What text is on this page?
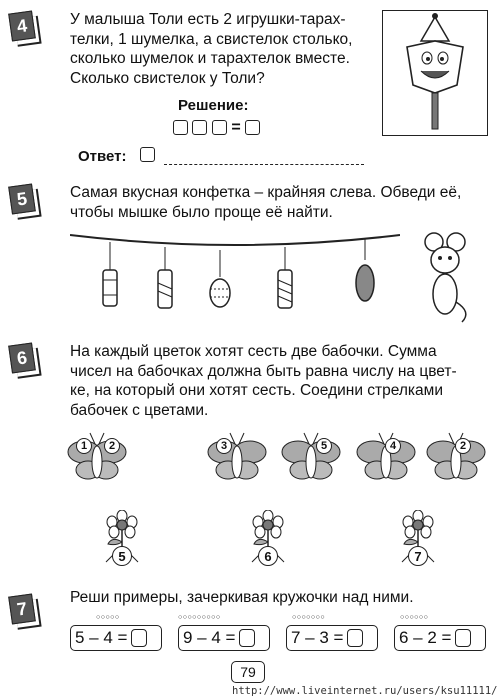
4	У малыша Толи есть 2 игрушки-тарах-
телки, 1 шумелка, а свистелок столько,
сколько шумелок и тарахтелок вместе.
Сколько свистелок у Толи?
Решение:
=
Ответ:
5	Самая вкусная конфетка – крайняя слева. Обведи её,
чтобы мышке было проще её найти.
6	На каждый цветок хотят сесть две бабочки. Сумма
чисел на бабочках должна быть равна числу на цвет-
ке, на который они хотят сесть. Соедини стрелками
бабочек с цветами.
1	2	3	5	4	2
5	6	7
7
Реши примеры, зачеркивая кружочки над ними.
○○○○○
5 – 4 =
○○○○○○○○○
9 – 4 =
○○○○○○○
7 – 3 =
○○○○○○
6 – 2 =
79
http://www.liveinternet.ru/users/ksu11111/
